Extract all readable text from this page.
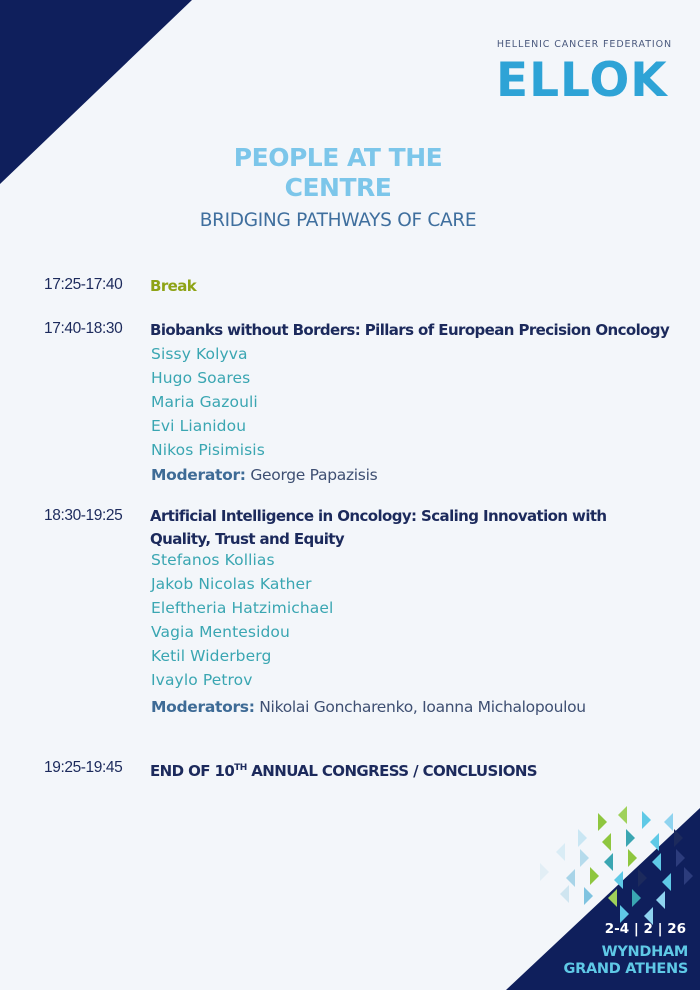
HELLENIC CANCER FEDERATION
ELLOK
PEOPLE AT THE
CENTRE
BRIDGING PATHWAYS OF CARE
17:25-17:40 Break
17:40-18:30 Biobanks without Borders: Pillars of European Precision Oncology
Sissy Kolyva
Hugo Soares
Maria Gazouli
Evi Lianidou
Nikos Pisimisis
Moderator: George Papazisis
18:30-19:25 Artificial Intelligence in Oncology: Scaling Innovation with
Quality, Trust and Equity
Stefanos Kollias
Jakob Nicolas Kather
Eleftheria Hatzimichael
Vagia Mentesidou
Ketil Widerberg
Ivaylo Petrov
Moderators: Nikolai Goncharenko, Ioanna Michalopoulou
19:25-19:45 END OF 10TH ANNUAL CONGRESS / CONCLUSIONS
2-4 | 2 | 26
WYNDHAM
GRAND ATHENS
